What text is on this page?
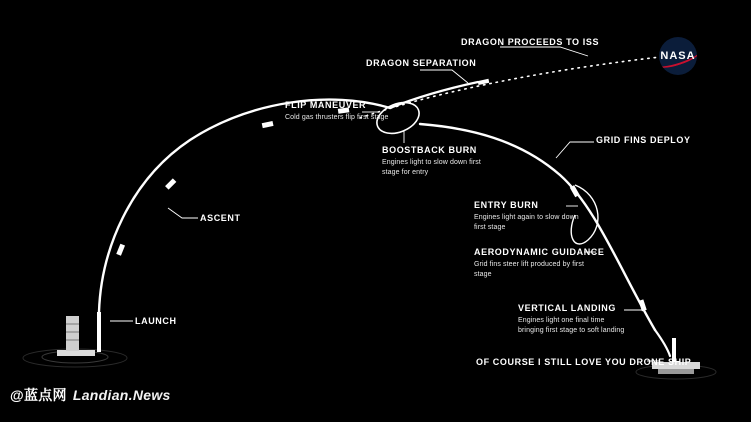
NASA
DRAGON PROCEEDS TO ISS
DRAGON SEPARATION
FLIP MANEUVER
Cold gas thrusters flip first stage
BOOSTBACK BURN
Engines light to slow down first stage for entry
GRID FINS DEPLOY
ASCENT
ENTRY BURN
Engines light again to slow down first stage
AERODYNAMIC GUIDANCE
Grid fins steer lift produced by first stage
VERTICAL LANDING
Engines light one final time bringing first stage to soft landing
LAUNCH
OF COURSE I STILL LOVE YOU DRONE SHIP
@蓝点网 Landian.News
